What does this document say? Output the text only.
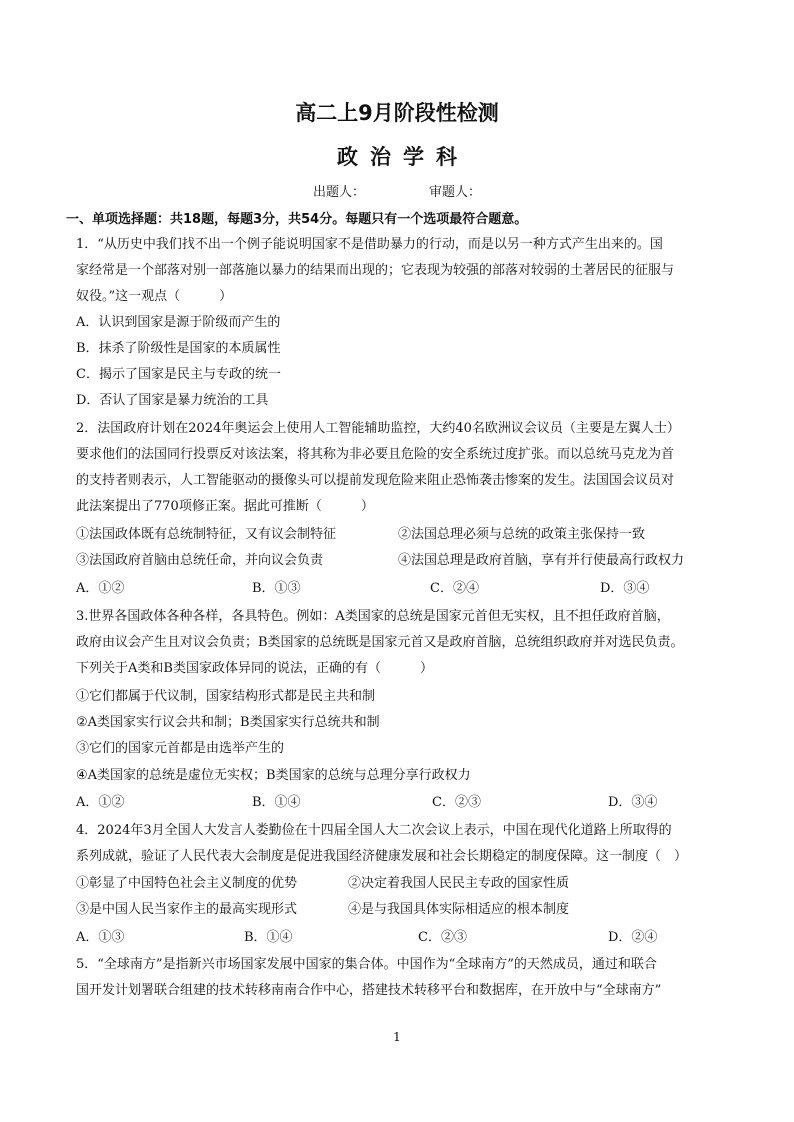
高二上9月阶段性检测
政治学科
出题人：	审题人：
一、单项选择题：共18题，每题3分，共54分。每题只有一个选项最符合题意。
1．“从历史中我们找不出一个例子能说明国家不是借助暴力的行动，而是以另一种方式产生出来的。国
家经常是一个部落对别一部落施以暴力的结果而出现的；它表现为较强的部落对较弱的土著居民的征服与
奴役。”这一观点（　　　）
A．认识到国家是源于阶级而产生的
B．抹杀了阶级性是国家的本质属性
C．揭示了国家是民主与专政的统一
D．否认了国家是暴力统治的工具
2．法国政府计划在2024年奥运会上使用人工智能辅助监控，大约40名欧洲议会议员（主要是左翼人士）
要求他们的法国同行投票反对该法案，将其称为非必要且危险的安全系统过度扩张。而以总统马克龙为首
的支持者则表示，人工智能驱动的摄像头可以提前发现危险来阻止恐怖袭击惨案的发生。法国国会议员对
此法案提出了770项修正案。据此可推断（　　　）
①法国政体既有总统制特征，又有议会制特征	②法国总理必须与总统的政策主张保持一致
③法国政府首脑由总统任命，并向议会负责	④法国总理是政府首脑，享有并行使最高行政权力
A．①②	B．①③	C．②④	D．③④
3.世界各国政体各种各样，各具特色。例如：A类国家的总统是国家元首但无实权，且不担任政府首脑，
政府由议会产生且对议会负责；B类国家的总统既是国家元首又是政府首脑，总统组织政府并对选民负责。
下列关于A类和B类国家政体异同的说法，正确的有（　　　）
①它们都属于代议制，国家结构形式都是民主共和制
②A类国家实行议会共和制；B类国家实行总统共和制
③它们的国家元首都是由选举产生的
④A类国家的总统是虚位无实权；B类国家的总统与总理分享行政权力
A．①②	B．①④	C．②③	D．③④
4．2024年3月全国人大发言人娄勤俭在十四届全国人大二次会议上表示，中国在现代化道路上所取得的
系列成就，验证了人民代表大会制度是促进我国经济健康发展和社会长期稳定的制度保障。这一制度（　）
①彰显了中国特色社会主义制度的优势	②决定着我国人民民主专政的国家性质
③是中国人民当家作主的最高实现形式	④是与我国具体实际相适应的根本制度
A．①③	B．①④	C．②③	D．②④
5．“全球南方”是指新兴市场国家发展中国家的集合体。中国作为“全球南方”的天然成员，通过和联合
国开发计划署联合组建的技术转移南南合作中心，搭建技术转移平台和数据库，在开放中与“全球南方”
1
